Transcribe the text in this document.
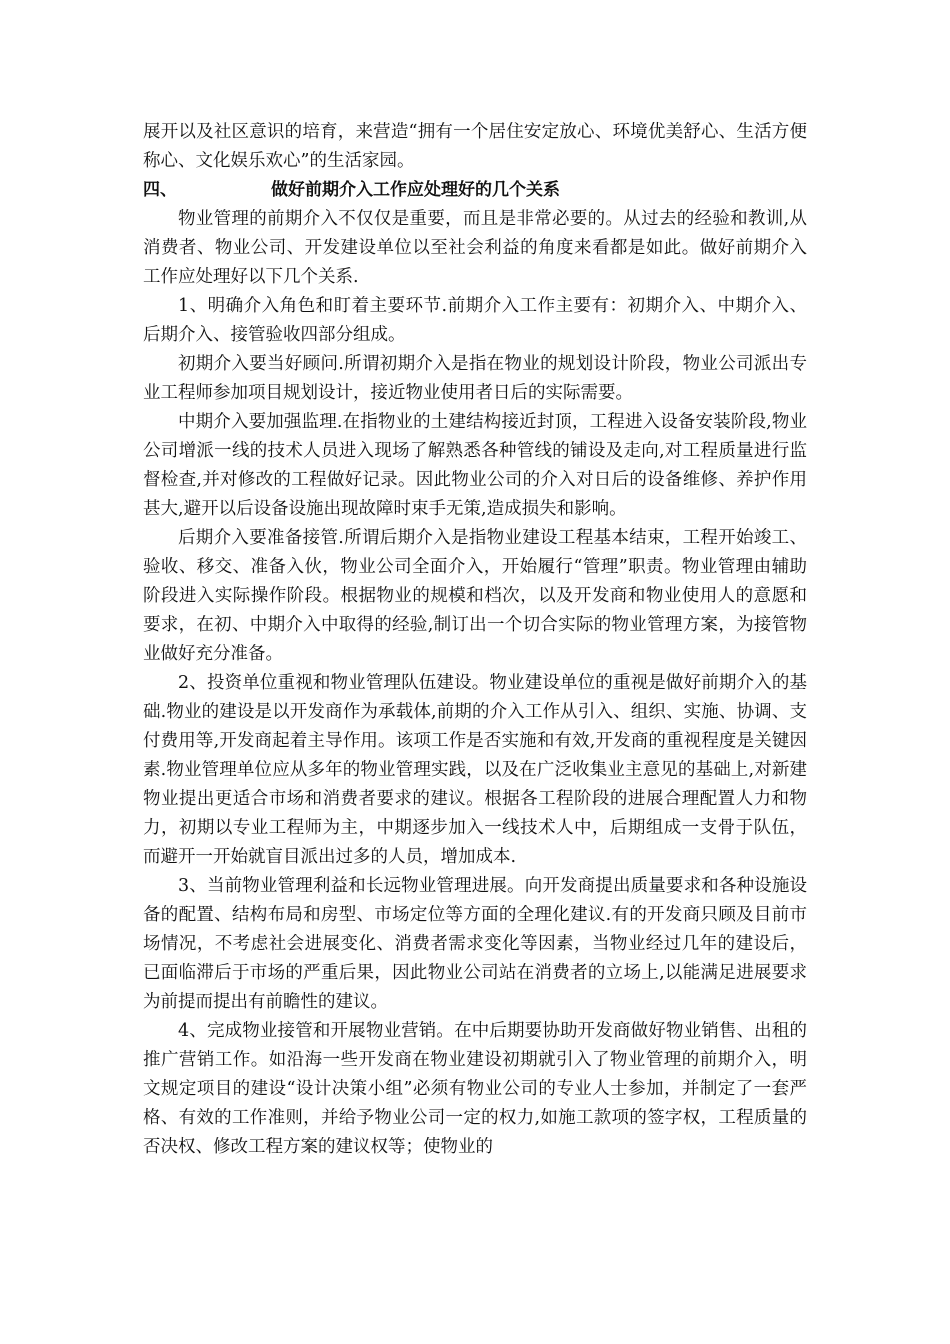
展开以及社区意识的培育，来营造“拥有一个居住安定放心、环境优美舒心、生活方便称心、文化娱乐欢心”的生活家园。

四、	做好前期介入工作应处理好的几个关系

物业管理的前期介入不仅仅是重要，而且是非常必要的。从过去的经验和教训,从消费者、物业公司、开发建设单位以至社会利益的角度来看都是如此。做好前期介入工作应处理好以下几个关系.

1、明确介入角色和盯着主要环节.前期介入工作主要有：初期介入、中期介入、后期介入、接管验收四部分组成。

初期介入要当好顾问.所谓初期介入是指在物业的规划设计阶段，物业公司派出专业工程师参加项目规划设计，接近物业使用者日后的实际需要。

中期介入要加强监理.在指物业的土建结构接近封顶，工程进入设备安装阶段,物业公司增派一线的技术人员进入现场了解熟悉各种管线的铺设及走向,对工程质量进行监督检查,并对修改的工程做好记录。因此物业公司的介入对日后的设备维修、养护作用甚大,避开以后设备设施出现故障时束手无策,造成损失和影响。

后期介入要准备接管.所谓后期介入是指物业建设工程基本结束，工程开始竣工、验收、移交、准备入伙，物业公司全面介入，开始履行“管理”职责。物业管理由辅助阶段进入实际操作阶段。根据物业的规模和档次，以及开发商和物业使用人的意愿和要求，在初、中期介入中取得的经验,制订出一个切合实际的物业管理方案，为接管物业做好充分准备。

2、投资单位重视和物业管理队伍建设。物业建设单位的重视是做好前期介入的基础.物业的建设是以开发商作为承载体,前期的介入工作从引入、组织、实施、协调、支付费用等,开发商起着主导作用。该项工作是否实施和有效,开发商的重视程度是关键因素.物业管理单位应从多年的物业管理实践，以及在广泛收集业主意见的基础上,对新建物业提出更适合市场和消费者要求的建议。根据各工程阶段的进展合理配置人力和物力，初期以专业工程师为主，中期逐步加入一线技术人中，后期组成一支骨于队伍，而避开一开始就盲目派出过多的人员，增加成本.

3、当前物业管理利益和长远物业管理进展。向开发商提出质量要求和各种设施设备的配置、结构布局和房型、市场定位等方面的全理化建议.有的开发商只顾及目前市场情况，不考虑社会进展变化、消费者需求变化等因素，当物业经过几年的建设后，已面临滞后于市场的严重后果，因此物业公司站在消费者的立场上,以能满足进展要求为前提而提出有前瞻性的建议。

4、完成物业接管和开展物业营销。在中后期要协助开发商做好物业销售、出租的推广营销工作。如沿海一些开发商在物业建设初期就引入了物业管理的前期介入，明文规定项目的建设“设计决策小组”必须有物业公司的专业人士参加，并制定了一套严格、有效的工作准则，并给予物业公司一定的权力,如施工款项的签字权，工程质量的否决权、修改工程方案的建议权等；使物业的
